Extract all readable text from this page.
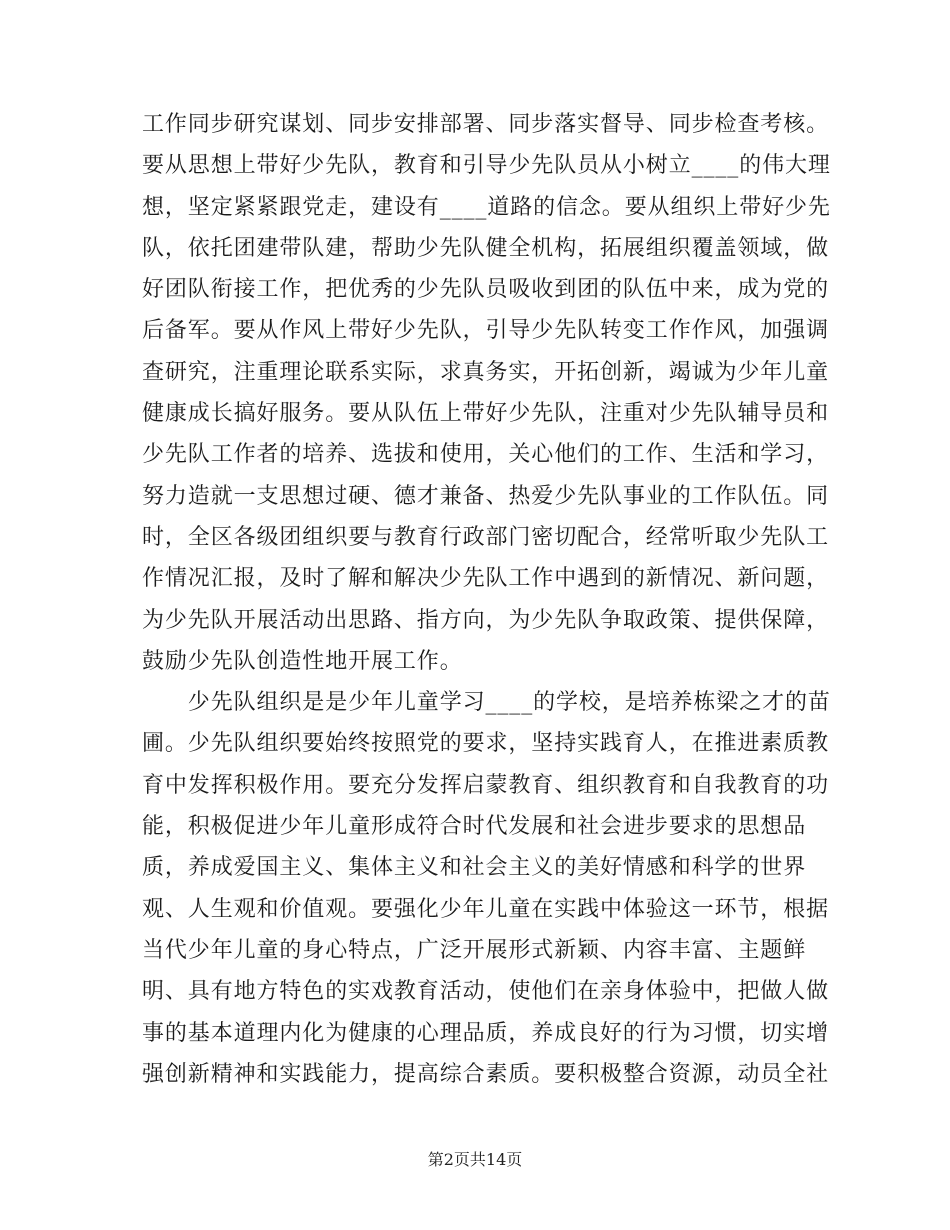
工作同步研究谋划、同步安排部署、同步落实督导、同步检查考核。
要从思想上带好少先队，教育和引导少先队员从小树立____的伟大理
想，坚定紧紧跟党走，建设有____道路的信念。要从组织上带好少先
队，依托团建带队建，帮助少先队健全机构，拓展组织覆盖领域，做
好团队衔接工作，把优秀的少先队员吸收到团的队伍中来，成为党的
后备军。要从作风上带好少先队，引导少先队转变工作作风，加强调
查研究，注重理论联系实际，求真务实，开拓创新，竭诚为少年儿童
健康成长搞好服务。要从队伍上带好少先队，注重对少先队辅导员和
少先队工作者的培养、选拔和使用，关心他们的工作、生活和学习，
努力造就一支思想过硬、德才兼备、热爱少先队事业的工作队伍。同
时，全区各级团组织要与教育行政部门密切配合，经常听取少先队工
作情况汇报，及时了解和解决少先队工作中遇到的新情况、新问题，
为少先队开展活动出思路、指方向，为少先队争取政策、提供保障，
鼓励少先队创造性地开展工作。
　　少先队组织是是少年儿童学习____的学校，是培养栋梁之才的苗
圃。少先队组织要始终按照党的要求，坚持实践育人，在推进素质教
育中发挥积极作用。要充分发挥启蒙教育、组织教育和自我教育的功
能，积极促进少年儿童形成符合时代发展和社会进步要求的思想品
质，养成爱国主义、集体主义和社会主义的美好情感和科学的世界
观、人生观和价值观。要强化少年儿童在实践中体验这一环节，根据
当代少年儿童的身心特点，广泛开展形式新颖、内容丰富、主题鲜
明、具有地方特色的实戏教育活动，使他们在亲身体验中，把做人做
事的基本道理内化为健康的心理品质，养成良好的行为习惯，切实增
强创新精神和实践能力，提高综合素质。要积极整合资源，动员全社
第2页共14页
